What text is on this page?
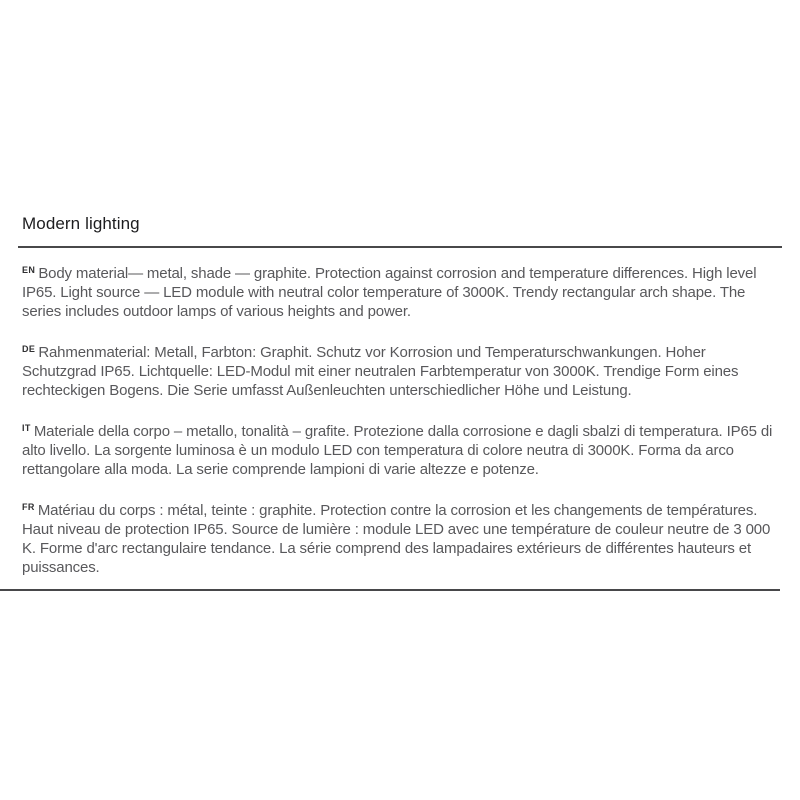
Modern lighting

$^{EN}$ Body material— metal, shade — graphite. Protection against corrosion and temperature differences. High level IP65. Light source — LED module with neutral color temperature of 3000K. Trendy rectangular arch shape. The series includes outdoor lamps of various heights and power.

$^{DE}$ Rahmenmaterial: Metall, Farbton: Graphit. Schutz vor Korrosion und Temperaturschwankungen. Hoher Schutzgrad IP65. Lichtquelle: LED-Modul mit einer neutralen Farbtemperatur von 3000K. Trendige Form eines rechteckigen Bogens. Die Serie umfasst Außenleuchten unterschiedlicher Höhe und Leistung.

$^{IT}$ Materiale della corpo – metallo, tonalità – grafite. Protezione dalla corrosione e dagli sbalzi di temperatura. IP65 di alto livello. La sorgente luminosa è un modulo LED con temperatura di colore neutra di 3000K. Forma da arco rettangolare alla moda. La serie comprende lampioni di varie altezze e potenze.

$^{FR}$ Matériau du corps : métal, teinte : graphite. Protection contre la corrosion et les changements de températures. Haut niveau de protection IP65. Source de lumière : module LED avec une température de couleur neutre de 3 000 K. Forme d'arc rectangulaire tendance. La série comprend des lampadaires extérieurs de différentes hauteurs et puissances.
